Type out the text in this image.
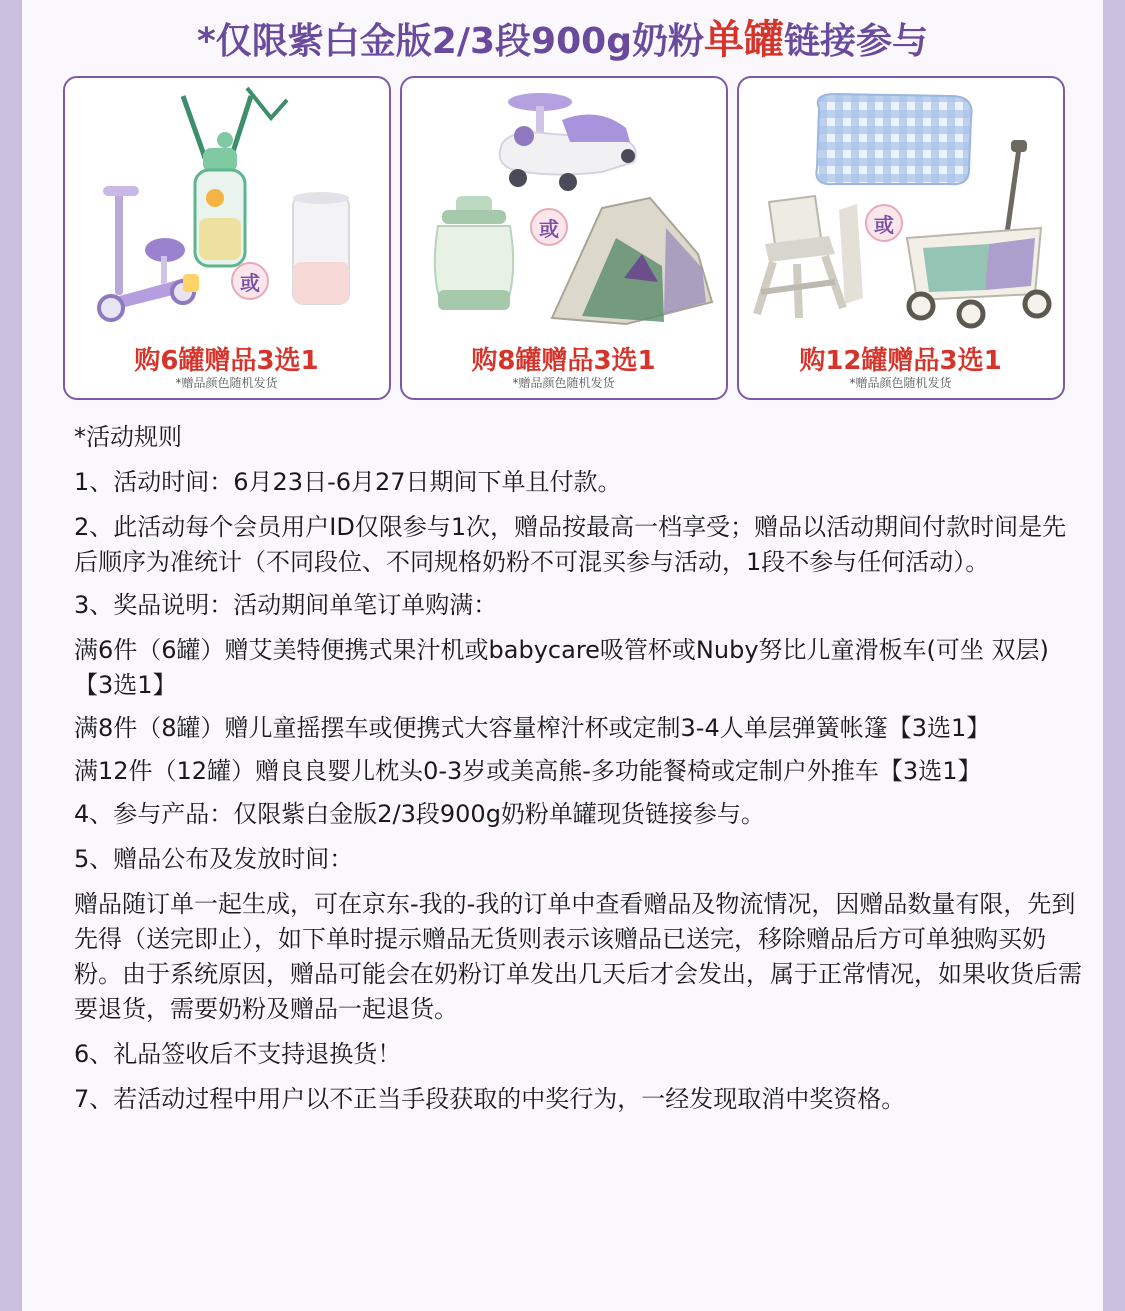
*仅限紫白金版2/3段900g奶粉单罐链接参与
或
购6罐赠品3选1
*赠品颜色随机发货
或
购8罐赠品3选1
*赠品颜色随机发货
或
购12罐赠品3选1
*赠品颜色随机发货

*活动规则

1、活动时间：6月23日-6月27日期间下单且付款。

2、此活动每个会员用户ID仅限参与1次，赠品按最高一档享受；赠品以活动期间付款时间是先后顺序为准统计（不同段位、不同规格奶粉不可混买参与活动，1段不参与任何活动）。

3、奖品说明：活动期间单笔订单购满：

满6件（6罐）赠艾美特便携式果汁机或babycare吸管杯或Nuby努比儿童滑板车(可坐 双层)【3选1】

满8件（8罐）赠儿童摇摆车或便携式大容量榨汁杯或定制3-4人单层弹簧帐篷【3选1】

满12件（12罐）赠良良婴儿枕头0-3岁或美高熊-多功能餐椅或定制户外推车【3选1】

4、参与产品：仅限紫白金版2/3段900g奶粉单罐现货链接参与。

5、赠品公布及发放时间：

赠品随订单一起生成，可在京东-我的-我的订单中查看赠品及物流情况，因赠品数量有限，先到先得（送完即止），如下单时提示赠品无货则表示该赠品已送完，移除赠品后方可单独购买奶粉。由于系统原因，赠品可能会在奶粉订单发出几天后才会发出，属于正常情况，如果收货后需要退货，需要奶粉及赠品一起退货。

6、礼品签收后不支持退换货！

7、若活动过程中用户以不正当手段获取的中奖行为，一经发现取消中奖资格。
